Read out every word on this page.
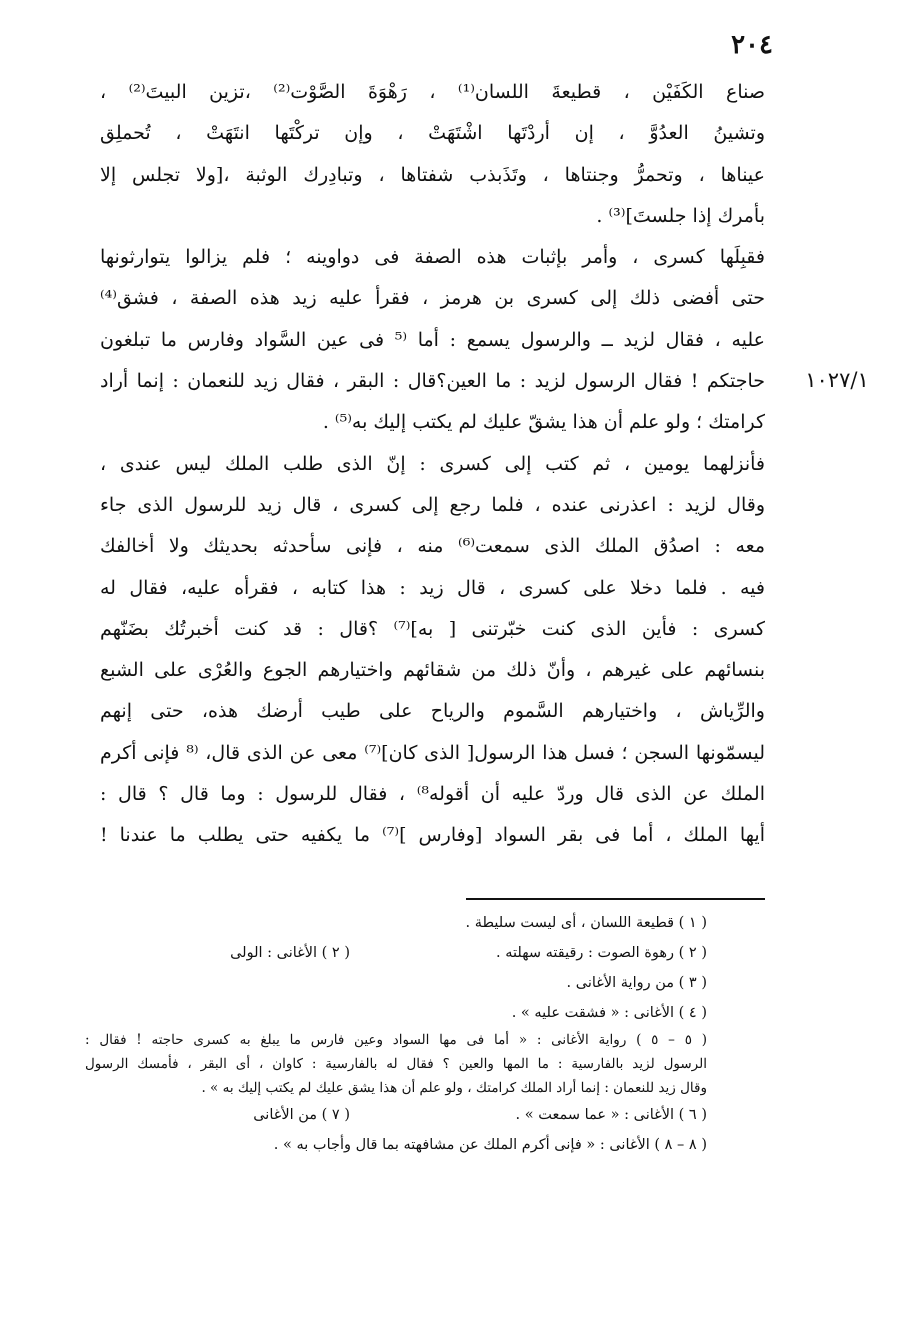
٢٠٤
١٠٢٧/١
صناع الكَفَيْن ، قطيعةَ اللسان⁽¹⁾ ، رَهْوَةَ الصَّوْت⁽²⁾ ،تزين البيتَ⁽²⁾ ،
وتشينُ العدُوَّ ، إن أردْتَها اشْتَهَتْ ، وإن تركْتَها انتَهَتْ ، تُحملِق
عيناها ، وتحمرُّ وجنتاها ، وتَذَبذب شفتاها ، وتبادِرك الوثبة ،[ولا تجلس إلا
بأمرك إذا جلستَ]⁽³⁾ .
فقبِلَها كسرى ، وأمر بإثبات هذه الصفة فى دواوينه ؛ فلم يزالوا يتوارثونها
حتى أفضى ذلك إلى كسرى بن هرمز ، فقرأ عليه زيد هذه الصفة ، فشق⁽⁴⁾
عليه ، فقال لزيد ــ والرسول يسمع : أما ⁽⁵ فى عين السَّواد وفارس ما تبلغون
حاجتكم ! فقال الرسول لزيد : ما العين؟قال : البقر ، فقال زيد للنعمان : إنما أراد
كرامتك ؛ ولو علم أن هذا يشقّ عليك لم يكتب إليك به⁽⁵⁾ .
فأنزلهما يومين ، ثم كتب إلى كسرى : إنّ الذى طلب الملك ليس عندى ،
وقال لزيد : اعذرنى عنده ، فلما رجع إلى كسرى ، قال زيد للرسول الذى جاء
معه : اصدُق الملك الذى سمعت⁽⁶⁾ منه ، فإنى سأحدثه بحديثك ولا أخالفك
فيه . فلما دخلا على كسرى ، قال زيد : هذا كتابه ، فقرأه عليه، فقال له
كسرى : فأين الذى كنت خبّرتنى [ به]⁽⁷⁾ ؟قال : قد كنت أخبرتُك بضَنّهم
بنسائهم على غيرهم ، وأنّ ذلك من شقائهم واختيارهم الجوع والعُرْى على الشبع
والرِّياش ، واختيارهم السَّموم والرياح على طيب أرضك هذه، حتى إنهم
ليسمّونها السجن ؛ فسل هذا الرسول[ الذى كان]⁽⁷⁾ معى عن الذى قال، ⁽⁸ فإنى أكرم
الملك عن الذى قال وردّ عليه أن أقوله⁸⁾ ، فقال للرسول : وما قال ؟ قال :
أيها الملك ، أما فى بقر السواد [وفارس ]⁽⁷⁾ ما يكفيه حتى يطلب ما عندنا !
( ١ ) قطيعة اللسان ، أى ليست سليطة .
( ٢ ) رهوة الصوت : رقيقته سهلته .
( ٢ ) الأغانى : الولى
( ٣ ) من رواية الأغانى .
( ٤ ) الأغانى : « فشقت عليه » .
( ٥ – ٥ ) رواية الأغانى : « أما فى مها السواد وعين فارس ما يبلغ به كسرى حاجته ! فقال :
الرسول لزيد بالفارسية : ما المها والعين ؟ فقال له بالفارسية : كاوان ، أى البقر ، فأمسك الرسول
وقال زيد للنعمان : إنما أراد الملك كرامتك ، ولو علم أن هذا يشق عليك لم يكتب إليك به » .
( ٦ ) الأغانى : « عما سمعت » .
( ٧ ) من الأغانى
( ٨ – ٨ ) الأغانى : « فإنى أكرم الملك عن مشافهته بما قال وأجاب به » .
